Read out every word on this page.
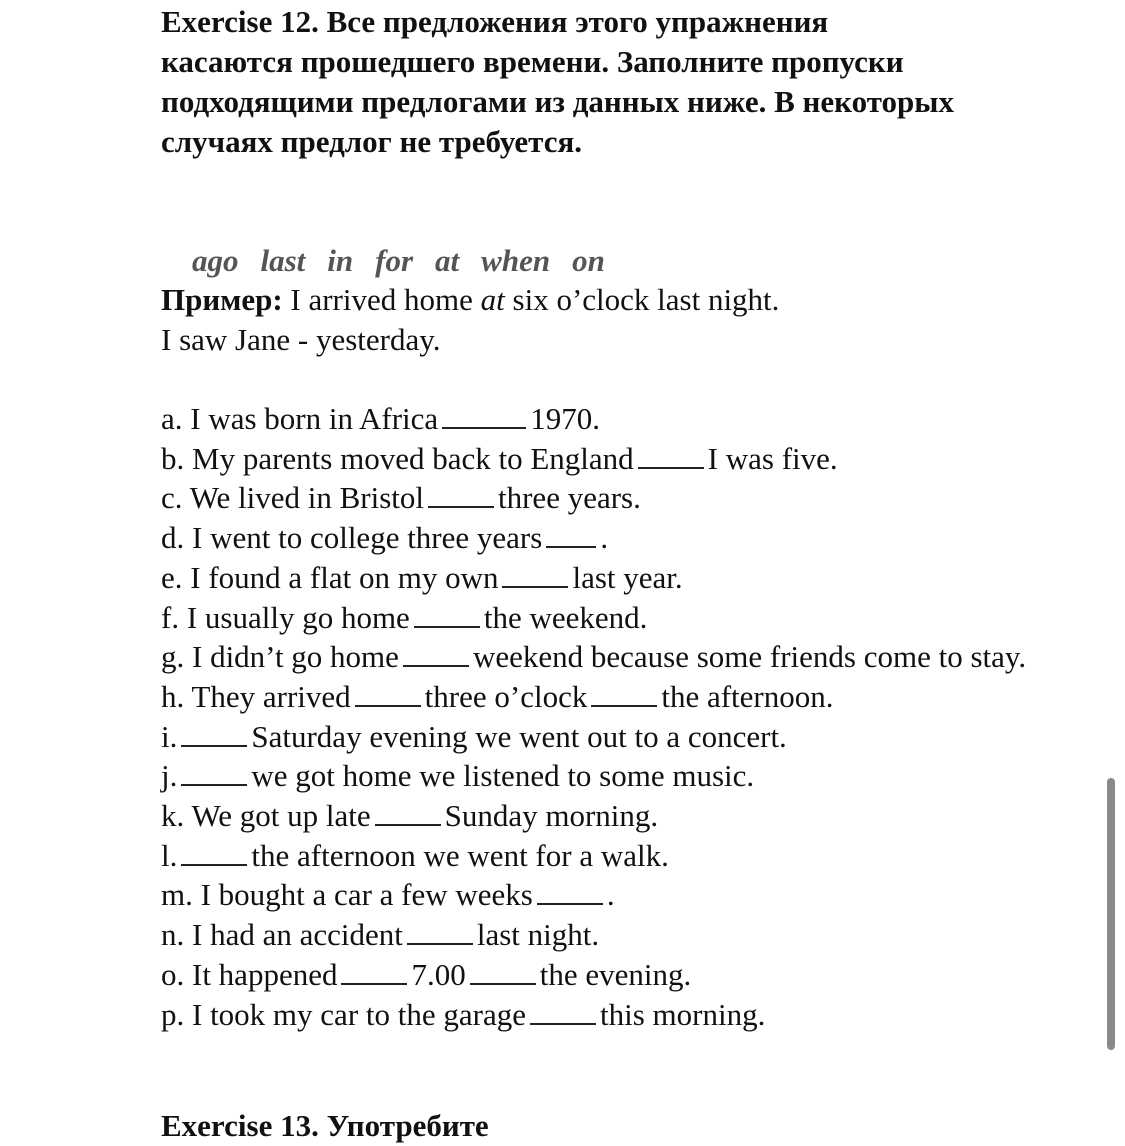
Exercise 12. Все предложения этого упражнения
касаются прошедшего времени. Заполните пропуски
подходящими предлогами из данных ниже. В некоторых
случаях предлог не требуется.

ago last in for at when on

Пример: I arrived home at six o’clock last night.
I saw Jane - yesterday.
a. I was born in Africa	1970.
b. My parents moved back to England I was five.
c. We lived in Bristol three years.
d. I went to college three years .
e. I found a flat on my own last year.
f. I usually go home the weekend.
g. I didn’t go home weekend because some friends come to stay.
h. They arrived three o’clock the afternoon.
i. Saturday evening we went out to a concert.
j. we got home we listened to some music.
k. We got up late Sunday morning.
l. the afternoon we went for a walk.
m. I bought a car a few weeks .
n. I had an accident last night.
o. It happened 7.00 the evening.
p. I took my car to the garage this morning.
Exercise 13. Употребите
